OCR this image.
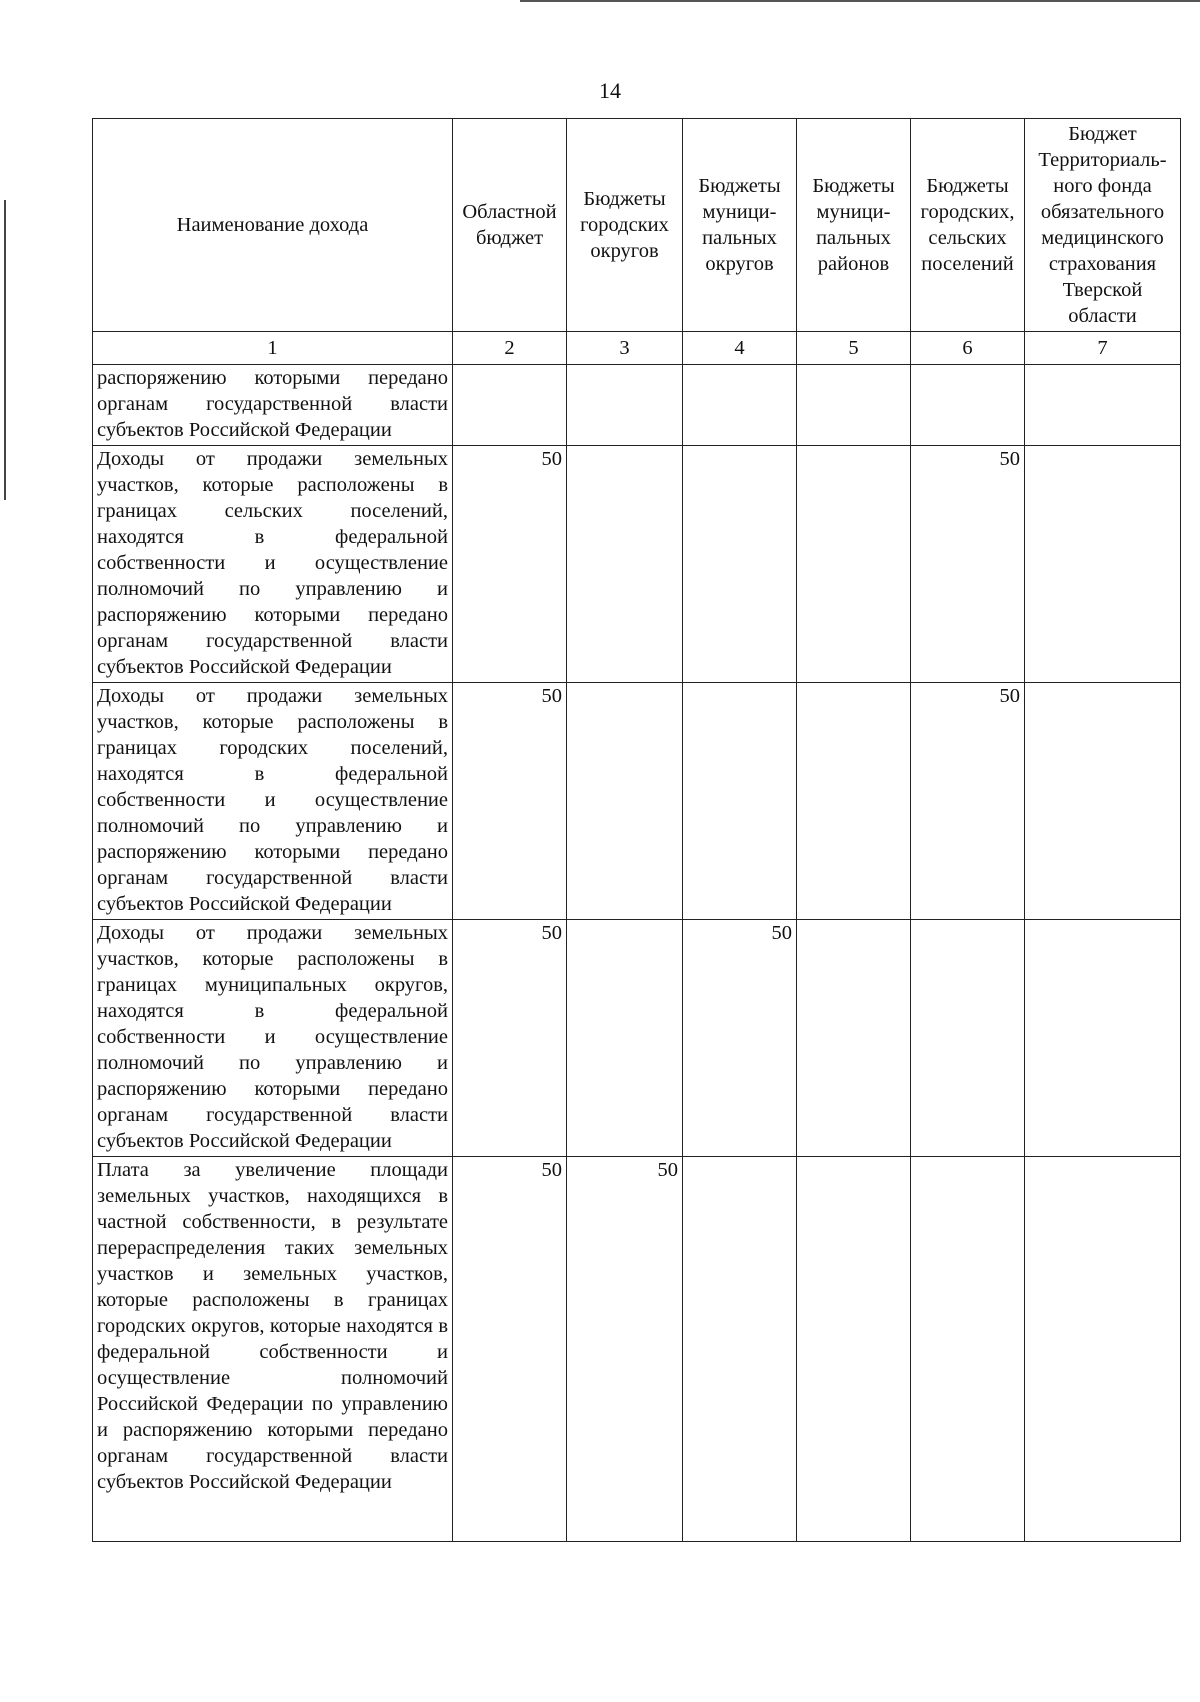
14
Наименование дохода	Областной бюджет	Бюджеты городских округов	Бюджеты муници-пальных округов	Бюджеты муници-пальных районов	Бюджеты городских, сельских поселений	Бюджет Территориаль-ного фонда обязательного медицинского страхования Тверской области
1	2	3	4	5	6	7
распоряжению которыми передано органам государственной власти субъектов Российской Федерации						
Доходы от продажи земельных участков, которые расположены в границах сельских поселений, находятся в федеральной собственности и осуществление полномочий по управлению и распоряжению которыми передано органам государственной власти субъектов Российской Федерации	50				50	
Доходы от продажи земельных участков, которые расположены в границах городских поселений, находятся в федеральной собственности и осуществление полномочий по управлению и распоряжению которыми передано органам государственной власти субъектов Российской Федерации	50				50	
Доходы от продажи земельных участков, которые расположены в границах муниципальных округов, находятся в федеральной собственности и осуществление полномочий по управлению и распоряжению которыми передано органам государственной власти субъектов Российской Федерации	50		50			
Плата за увеличение площади земельных участков, находящихся в частной собственности, в результате перераспределения таких земельных участков и земельных участков, которые расположены в границах городских округов, которые находятся в федеральной собственности и осуществление полномочий Российской Федерации по управлению и распоряжению которыми передано органам государственной власти субъектов Российской Федерации	50	50				
